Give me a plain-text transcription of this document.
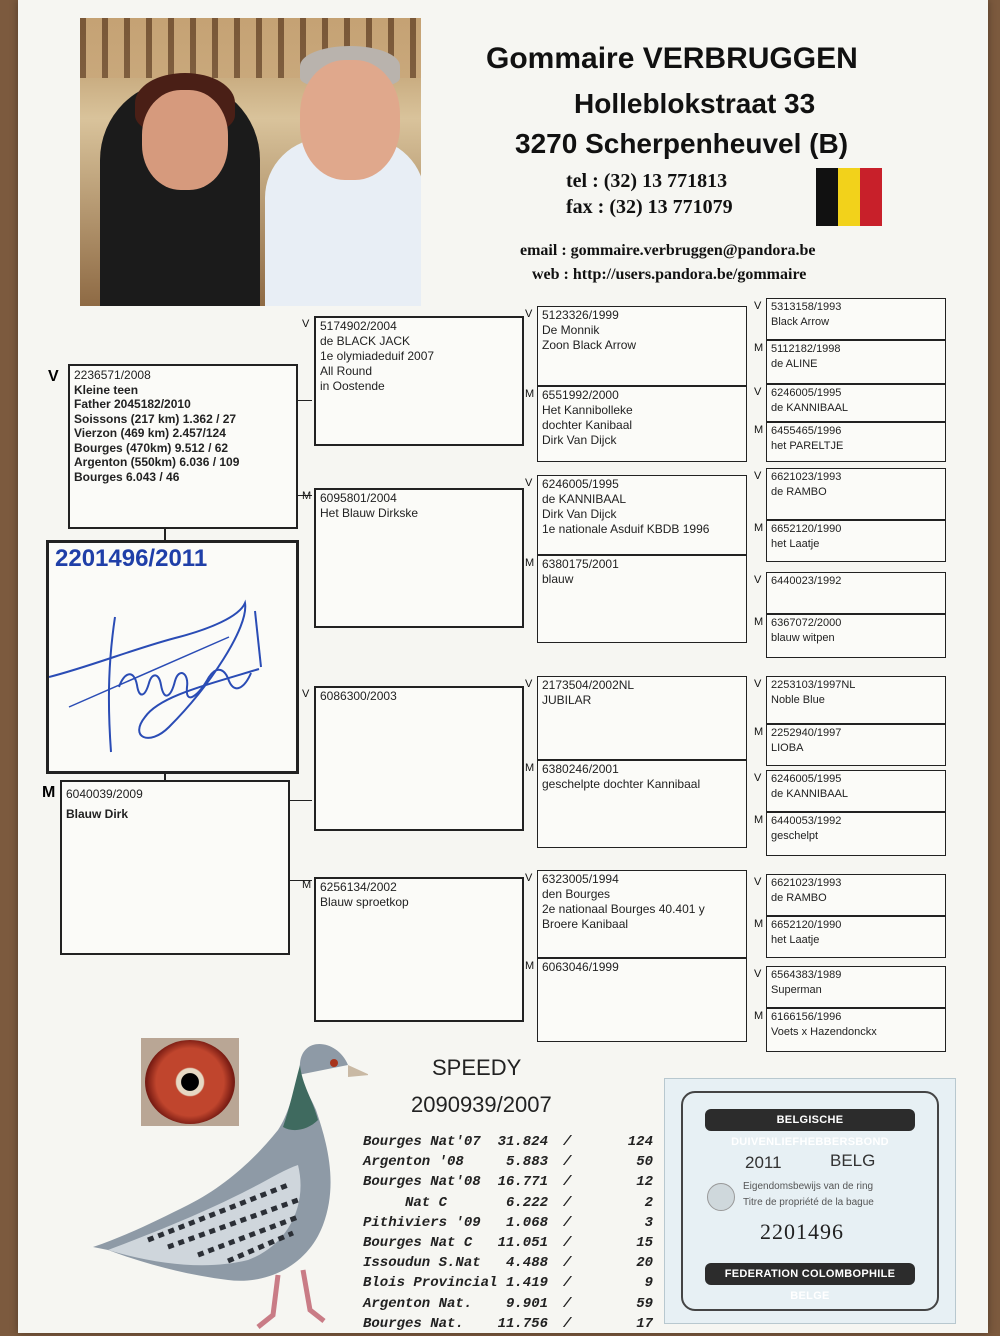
Gommaire VERBRUGGEN
Holleblokstraat 33
3270 Scherpenheuvel (B)
tel : (32) 13 771813
fax : (32) 13 771079
email : gommaire.verbruggen@pandora.be
web : http://users.pandora.be/gommaire
V 2236571/2008
Kleine teen
Father 2045182/2010
Soissons (217 km) 1.362 / 27
Vierzon (469 km) 2.457/124
Bourges (470km) 9.512 / 62
Argenton (550km) 6.036 / 109
Bourges 6.043 / 46
2201496/2011
M 6040039/2009
Blauw Dirk
SPEEDY
2090939/2007
Bourges Nat'07 31.824 /	124
Argenton '08	5.883 /	50
Bourges Nat'08 16.771 /	12
Nat C	6.222 /	2
Pithiviers '09 1.068 /	3
Bourges Nat C 11.051 /	15
Issoudun S.Nat 4.488 /	20
Blois Provincial 1.419 /	9
Argenton Nat. 9.901 /	59
Bourges Nat. 11.756 /	17
BELGISCHE DUIVENLIEFHEBBERSBOND
2011	BELG
Eigendomsbewijs van de ring
Titre de propriété de la bague
2201496
FEDERATION COLOMBOPHILE BELGE
5174902/2004
de BLACK JACK
1e olymiadeduif 2007
All Round
in Oostende
V
6095801/2004
Het Blauw Dirkske
M
6086300/2003
V
6256134/2002
Blauw sproetkop
M
5123326/1999
De Monnik
Zoon Black Arrow
V
6551992/2000
Het Kannibolleke
dochter Kanibaal
Dirk Van Dijck
M
6246005/1995
de KANNIBAAL
Dirk Van Dijck
1e nationale Asduif KBDB 1996
V
6380175/2001
blauw
M
2173504/2002NL
JUBILAR
V
6380246/2001
geschelpte dochter Kannibaal
M
6323005/1994
den Bourges
2e nationaal Bourges 40.401 y
Broere Kanibaal
V
6063046/1999
M
5313158/1993
Black Arrow
V
5112182/1998
de ALINE
M
6246005/1995
de KANNIBAAL
V
6455465/1996
het PARELTJE
M
6621023/1993
de RAMBO
V
6652120/1990
het Laatje
M
6440023/1992
V
6367072/2000
blauw witpen
M
2253103/1997NL
Noble Blue
V
2252940/1997
LIOBA
M
6246005/1995
de KANNIBAAL
V
6440053/1992
geschelpt
M
6621023/1993
de RAMBO
V
6652120/1990
het Laatje
M
6564383/1989
Superman
V
6166156/1996
Voets x Hazendonckx
M
